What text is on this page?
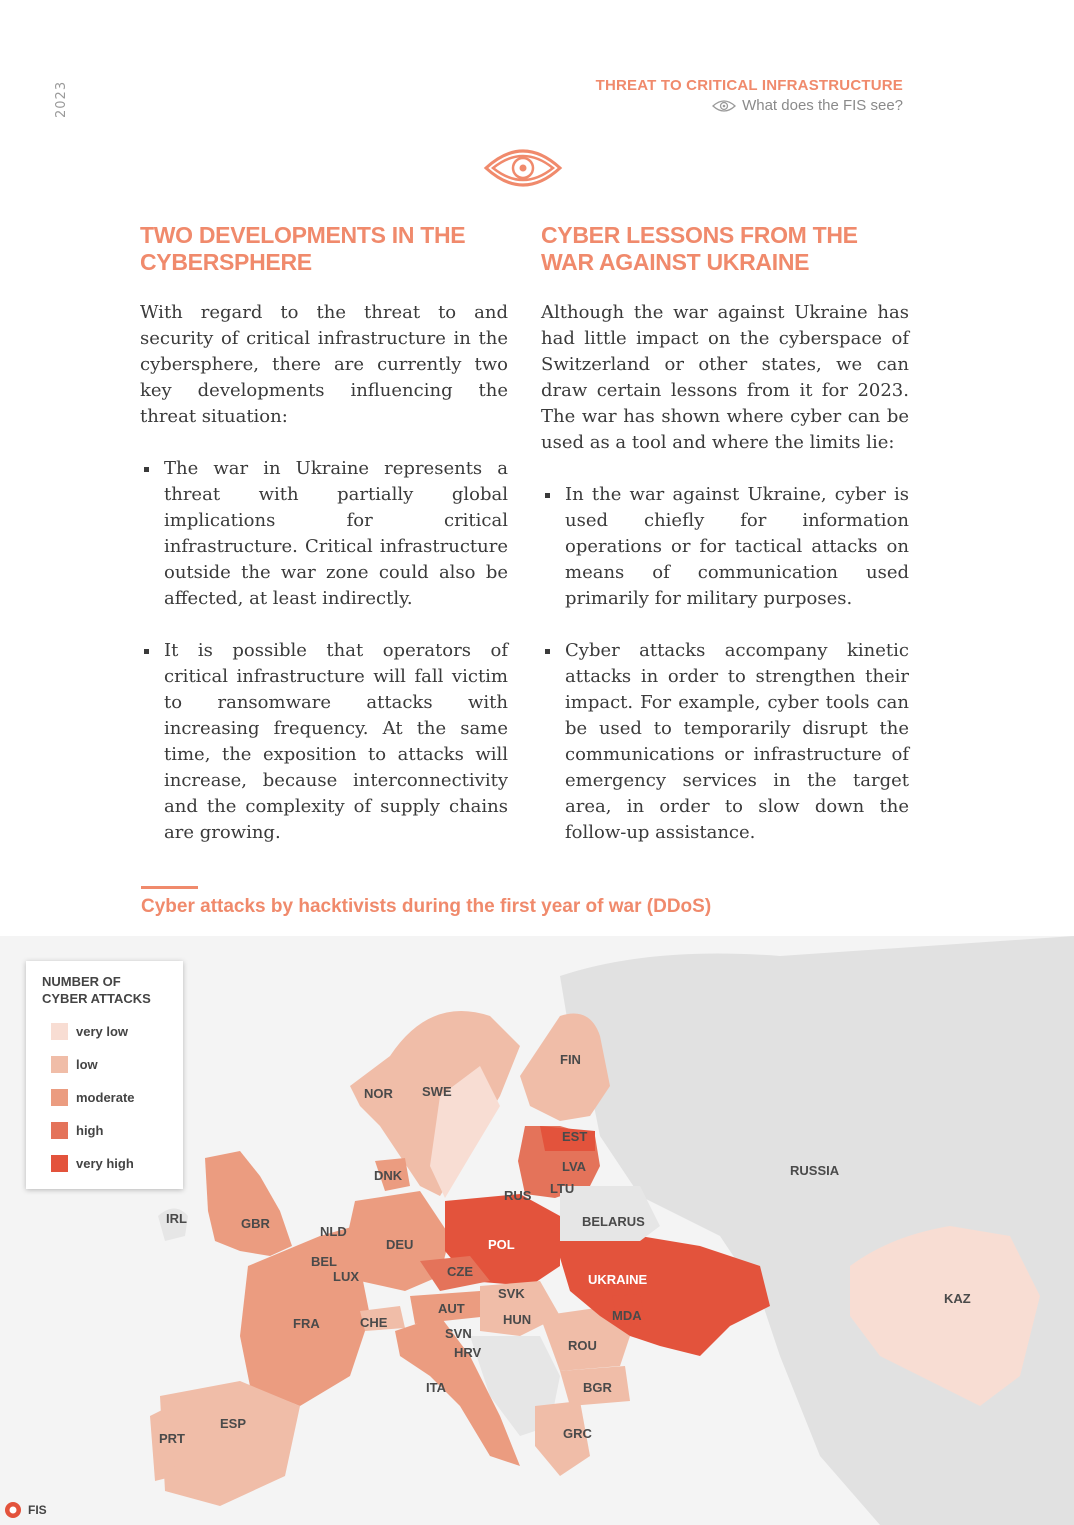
2023	THREAT TO CRITICAL INFRASTRUCTURE
What does the FIS see?
TWO DEVELOPMENTS IN THE
CYBERSPHERE

With regard to the threat to and security of critical infrastructure in the cybersphere, there are currently two key developments influencing the threat situation:

The war in Ukraine represents a threat with partially global implications for critical infrastructure. Critical infrastructure outside the war zone could also be affected, at least indirectly.
It is possible that operators of critical infrastructure will fall victim to ransomware attacks with increasing frequency. At the same time, the exposition to attacks will increase, because interconnectivity and the complexity of supply chains are growing.
CYBER LESSONS FROM THE
WAR AGAINST UKRAINE

Although the war against Ukraine has had little impact on the cyberspace of Switzerland or other states, we can draw certain lessons from it for 2023. The war has shown where cyber can be used as a tool and where the limits lie:

In the war against Ukraine, cyber is used chiefly for information operations or for tactical attacks on means of communication used primarily for military purposes.
Cyber attacks accompany kinetic attacks in order to strengthen their impact. For example, cyber tools can be used to temporarily disrupt the communications or infrastructure of emergency services in the target area, in order to slow down the follow-up assistance.
Cyber attacks by hacktivists during the first year of war (DDoS)
FIN
NOR SWE
EST
LVA
LTU
RUS
DNK	RUSSIA
IRL	GBR
NLD
DEU	POL
BELARUS
BEL
LUX	CZE
UKRAINE
SVK	KAZ
FRA	CHE
AUT
HUN	MDA
SVN
HRV	ROU
ITA	BGR
ESP
PRT	GRC
NUMBER OF
CYBER ATTACKS
very low
low
moderate
high
very high
FIS
